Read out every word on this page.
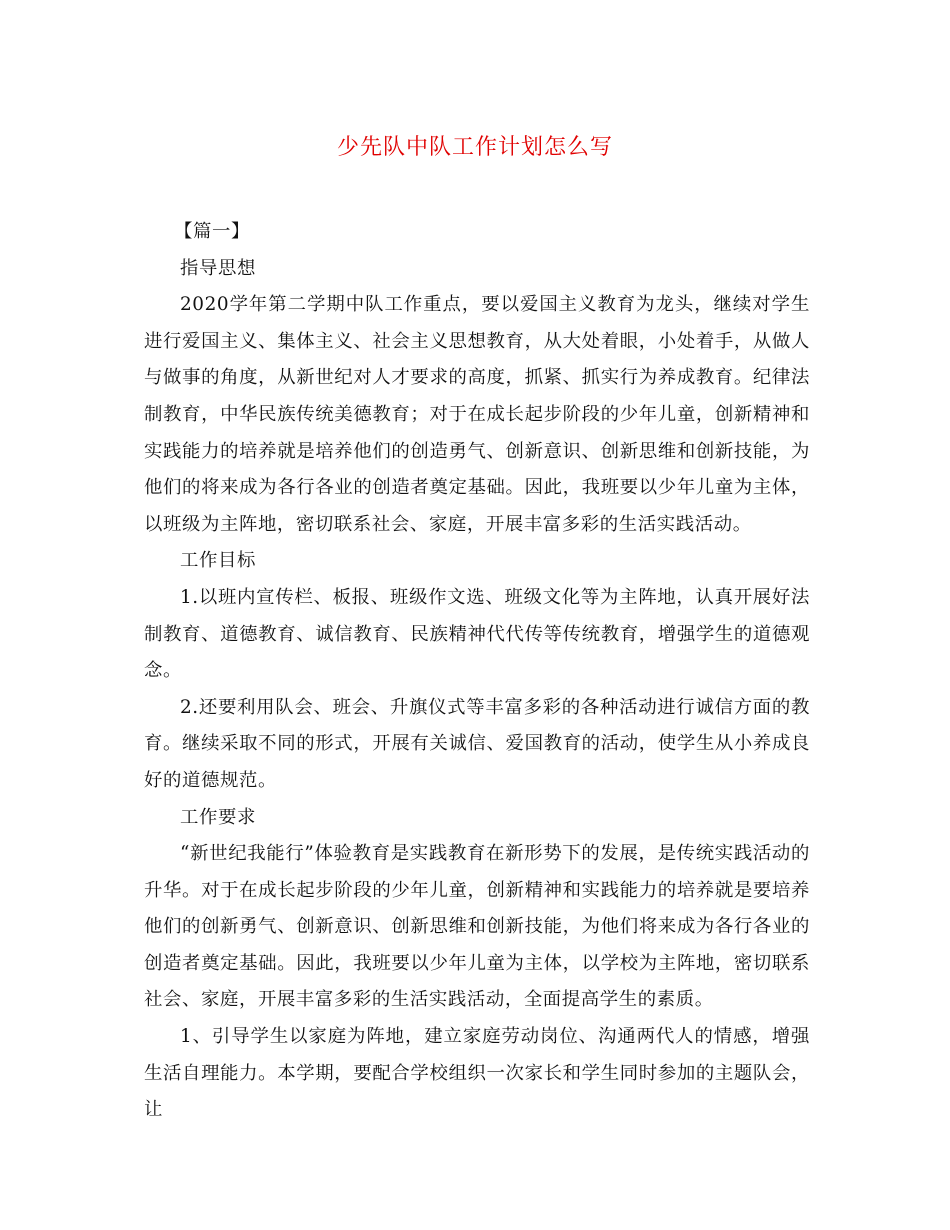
少先队中队工作计划怎么写

【篇一】

指导思想

2020学年第二学期中队工作重点，要以爱国主义教育为龙头，继续对学生进行爱国主义、集体主义、社会主义思想教育，从大处着眼，小处着手，从做人与做事的角度，从新世纪对人才要求的高度，抓紧、抓实行为养成教育。纪律法制教育，中华民族传统美德教育；对于在成长起步阶段的少年儿童，创新精神和实践能力的培养就是培养他们的创造勇气、创新意识、创新思维和创新技能，为他们的将来成为各行各业的创造者奠定基础。因此，我班要以少年儿童为主体，以班级为主阵地，密切联系社会、家庭，开展丰富多彩的生活实践活动。

工作目标

1.以班内宣传栏、板报、班级作文选、班级文化等为主阵地，认真开展好法制教育、道德教育、诚信教育、民族精神代代传等传统教育，增强学生的道德观念。

2.还要利用队会、班会、升旗仪式等丰富多彩的各种活动进行诚信方面的教育。继续采取不同的形式，开展有关诚信、爱国教育的活动，使学生从小养成良好的道德规范。

工作要求

“新世纪我能行”体验教育是实践教育在新形势下的发展，是传统实践活动的升华。对于在成长起步阶段的少年儿童，创新精神和实践能力的培养就是要培养他们的创新勇气、创新意识、创新思维和创新技能，为他们将来成为各行各业的创造者奠定基础。因此，我班要以少年儿童为主体，以学校为主阵地，密切联系社会、家庭，开展丰富多彩的生活实践活动，全面提高学生的素质。

1、引导学生以家庭为阵地，建立家庭劳动岗位、沟通两代人的情感，增强生活自理能力。本学期，要配合学校组织一次家长和学生同时参加的主题队会，让
